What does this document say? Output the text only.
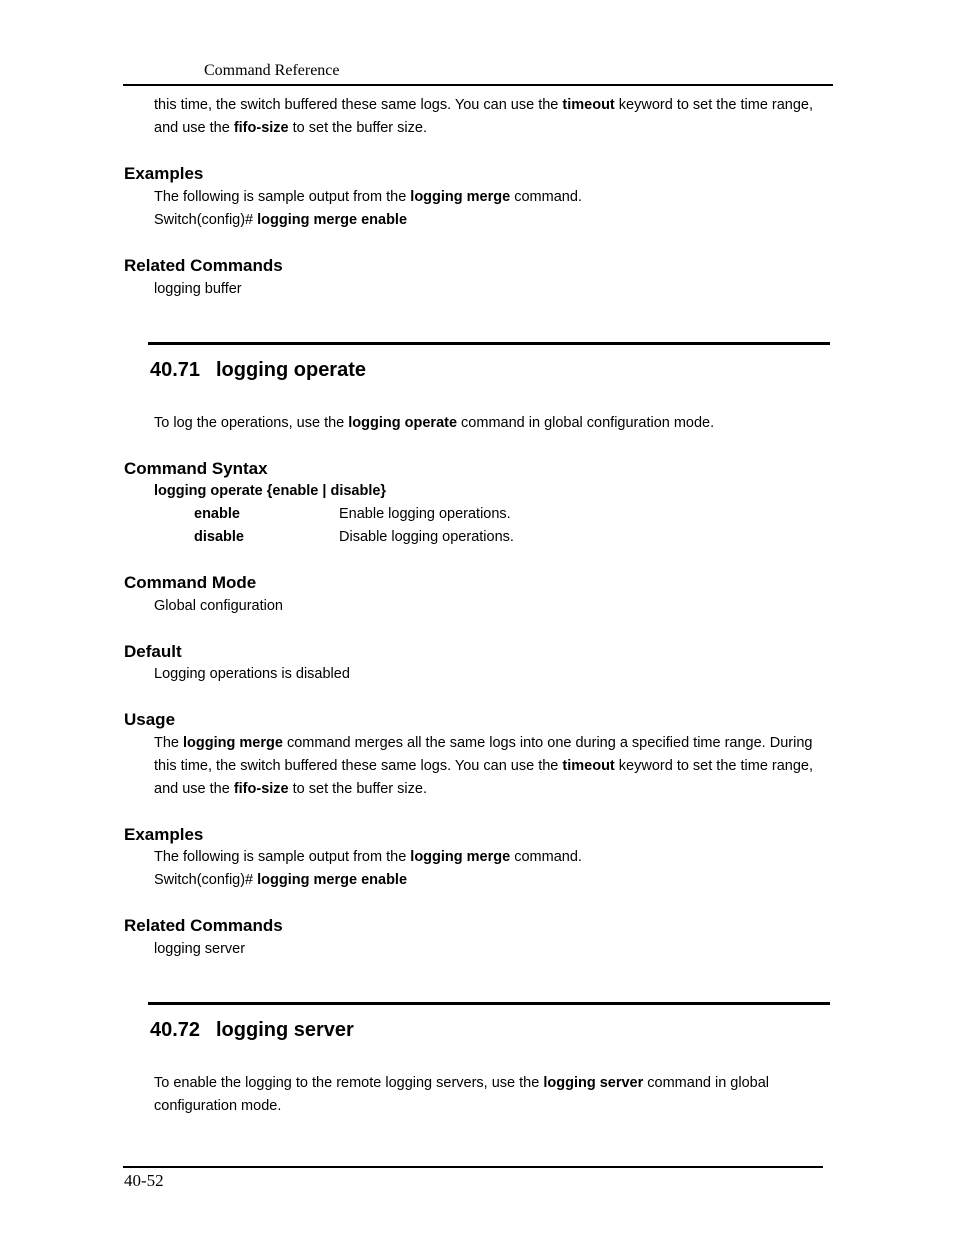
Command Reference
this time, the switch buffered these same logs. You can use the timeout keyword to set the time range,
and use the fifo-size to set the buffer size.
Examples
The following is sample output from the logging merge command.
Switch(config)# logging merge enable
Related Commands
logging buffer
40.71 logging operate
To log the operations, use the logging operate command in global configuration mode.
Command Syntax
logging operate {enable | disable}
enable	Enable logging operations.
disable	Disable logging operations.
Command Mode
Global configuration
Default
Logging operations is disabled
Usage
The logging merge command merges all the same logs into one during a specified time range. During
this time, the switch buffered these same logs. You can use the timeout keyword to set the time range,
and use the fifo-size to set the buffer size.
Examples
The following is sample output from the logging merge command.
Switch(config)# logging merge enable
Related Commands
logging server
40.72 logging server
To enable the logging to the remote logging servers, use the logging server command in global
configuration mode.
40-52
